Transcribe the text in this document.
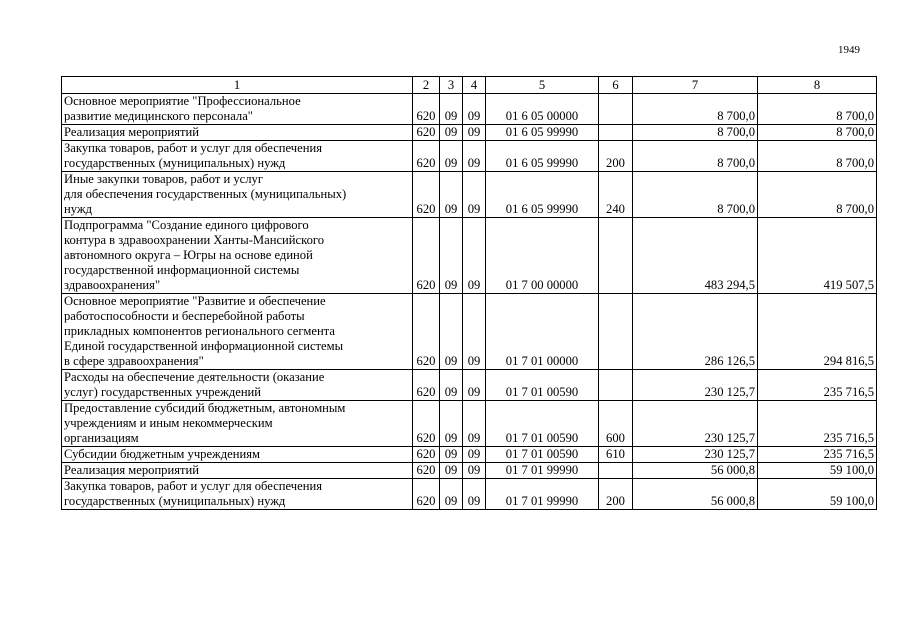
1949
1	2	3	4	5	6	7	8

Основное мероприятие "Профессиональное
развитие медицинского персонала"	620	09	09	01 6 05 00000		8 700,0	8 700,0

Реализация мероприятий	620	09	09	01 6 05 99990		8 700,0	8 700,0

Закупка товаров, работ и услуг для обеспечения
государственных (муниципальных) нужд	620	09	09	01 6 05 99990	200	8 700,0	8 700,0

Иные закупки товаров, работ и услуг
для обеспечения государственных (муниципальных)
нужд	620	09	09	01 6 05 99990	240	8 700,0	8 700,0

Подпрограмма "Создание единого цифрового
контура в здравоохранении Ханты-Мансийского
автономного округа – Югры на основе единой
государственной информационной системы
здравоохранения"	620	09	09	01 7 00 00000		483 294,5	419 507,5

Основное мероприятие "Развитие и обеспечение
работоспособности и бесперебойной работы
прикладных компонентов регионального сегмента
Единой государственной информационной системы
в сфере здравоохранения"	620	09	09	01 7 01 00000		286 126,5	294 816,5

Расходы на обеспечение деятельности (оказание
услуг) государственных учреждений	620	09	09	01 7 01 00590		230 125,7	235 716,5

Предоставление субсидий бюджетным, автономным
учреждениям и иным некоммерческим
организациям	620	09	09	01 7 01 00590	600	230 125,7	235 716,5

Субсидии бюджетным учреждениям	620	09	09	01 7 01 00590	610	230 125,7	235 716,5

Реализация мероприятий	620	09	09	01 7 01 99990		56 000,8	59 100,0

Закупка товаров, работ и услуг для обеспечения
государственных (муниципальных) нужд	620	09	09	01 7 01 99990	200	56 000,8	59 100,0
